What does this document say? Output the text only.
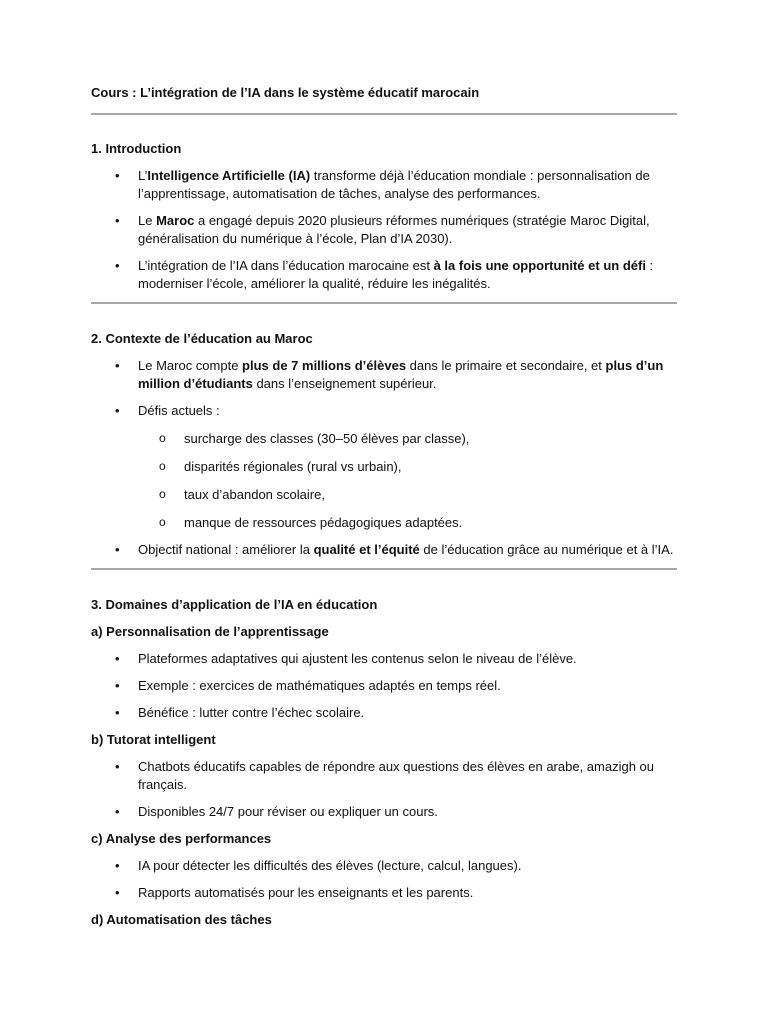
Cours : L’intégration de l’IA dans le système éducatif marocain

1. Introduction

• L’Intelligence Artificielle (IA) transforme déjà l’éducation mondiale : personnalisation de l’apprentissage, automatisation de tâches, analyse des performances.
• Le Maroc a engagé depuis 2020 plusieurs réformes numériques (stratégie Maroc Digital, généralisation du numérique à l’école, Plan d’IA 2030).
• L’intégration de l’IA dans l’éducation marocaine est à la fois une opportunité et un défi : moderniser l’école, améliorer la qualité, réduire les inégalités.

2. Contexte de l’éducation au Maroc

• Le Maroc compte plus de 7 millions d’élèves dans le primaire et secondaire, et plus d’un million d’étudiants dans l’enseignement supérieur.
• Défis actuels :
o surcharge des classes (30–50 élèves par classe),
o disparités régionales (rural vs urbain),
o taux d’abandon scolaire,
o manque de ressources pédagogiques adaptées.
• Objectif national : améliorer la qualité et l’équité de l’éducation grâce au numérique et à l’IA.

3. Domaines d’application de l’IA en éducation

a) Personnalisation de l’apprentissage

• Plateformes adaptatives qui ajustent les contenus selon le niveau de l’élève.
• Exemple : exercices de mathématiques adaptés en temps réel.
• Bénéfice : lutter contre l’échec scolaire.

b) Tutorat intelligent

• Chatbots éducatifs capables de répondre aux questions des élèves en arabe, amazigh ou français.
• Disponibles 24/7 pour réviser ou expliquer un cours.

c) Analyse des performances

• IA pour détecter les difficultés des élèves (lecture, calcul, langues).
• Rapports automatisés pour les enseignants et les parents.

d) Automatisation des tâches
